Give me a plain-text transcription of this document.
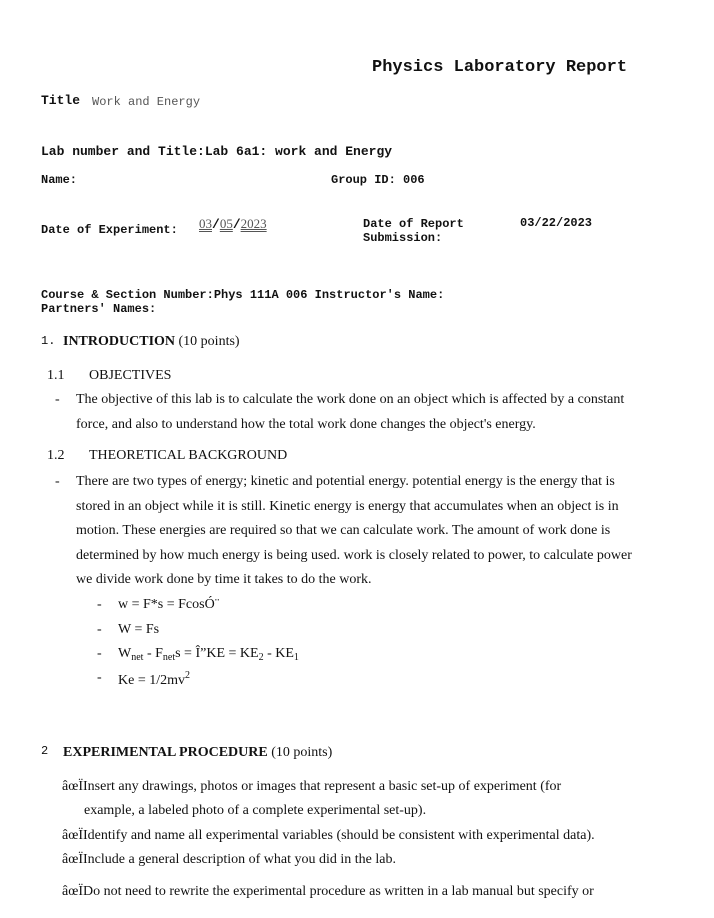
Physics Laboratory Report
Title Work and Energy
Lab number and Title:Lab 6a1: work and Energy
Name:	Group ID: 006
Date of Experiment: 03/05/2023	Date of Report
Submission:
03/22/2023
Course & Section Number:Phys 111A 006 Instructor's Name:
Partners' Names:
1. INTRODUCTION (10 points)
1.1 OBJECTIVES
- The objective of this lab is to calculate the work done on an object which is affected by a constant
force, and also to understand how the total work done changes the object's energy.
1.2 THEORETICAL BACKGROUND
- There are two types of energy; kinetic and potential energy. potential energy is the energy that is
stored in an object while it is still. Kinetic energy is energy that accumulates when an object is in
motion. These energies are required so that we can calculate work. The amount of work done is
determined by how much energy is being used. work is closely related to power, to calculate power
we divide work done by time it takes to do the work.
- w = F*s = FcosÓ¨
- W = Fs
- $W_{net} - F_{net}s$ = Î”KE = $KE_2 - KE_1$
- $Ke = 1/2mv^2$
2 EXPERIMENTAL PROCEDURE (10 points)
âœÏInsert any drawings, photos or images that represent a basic set-up of experiment (for
example, a labeled photo of a complete experimental set-up).
âœÏIdentify and name all experimental variables (should be consistent with experimental data).
âœÏInclude a general description of what you did in the lab.
âœÏDo not need to rewrite the experimental procedure as written in a lab manual but specify or
